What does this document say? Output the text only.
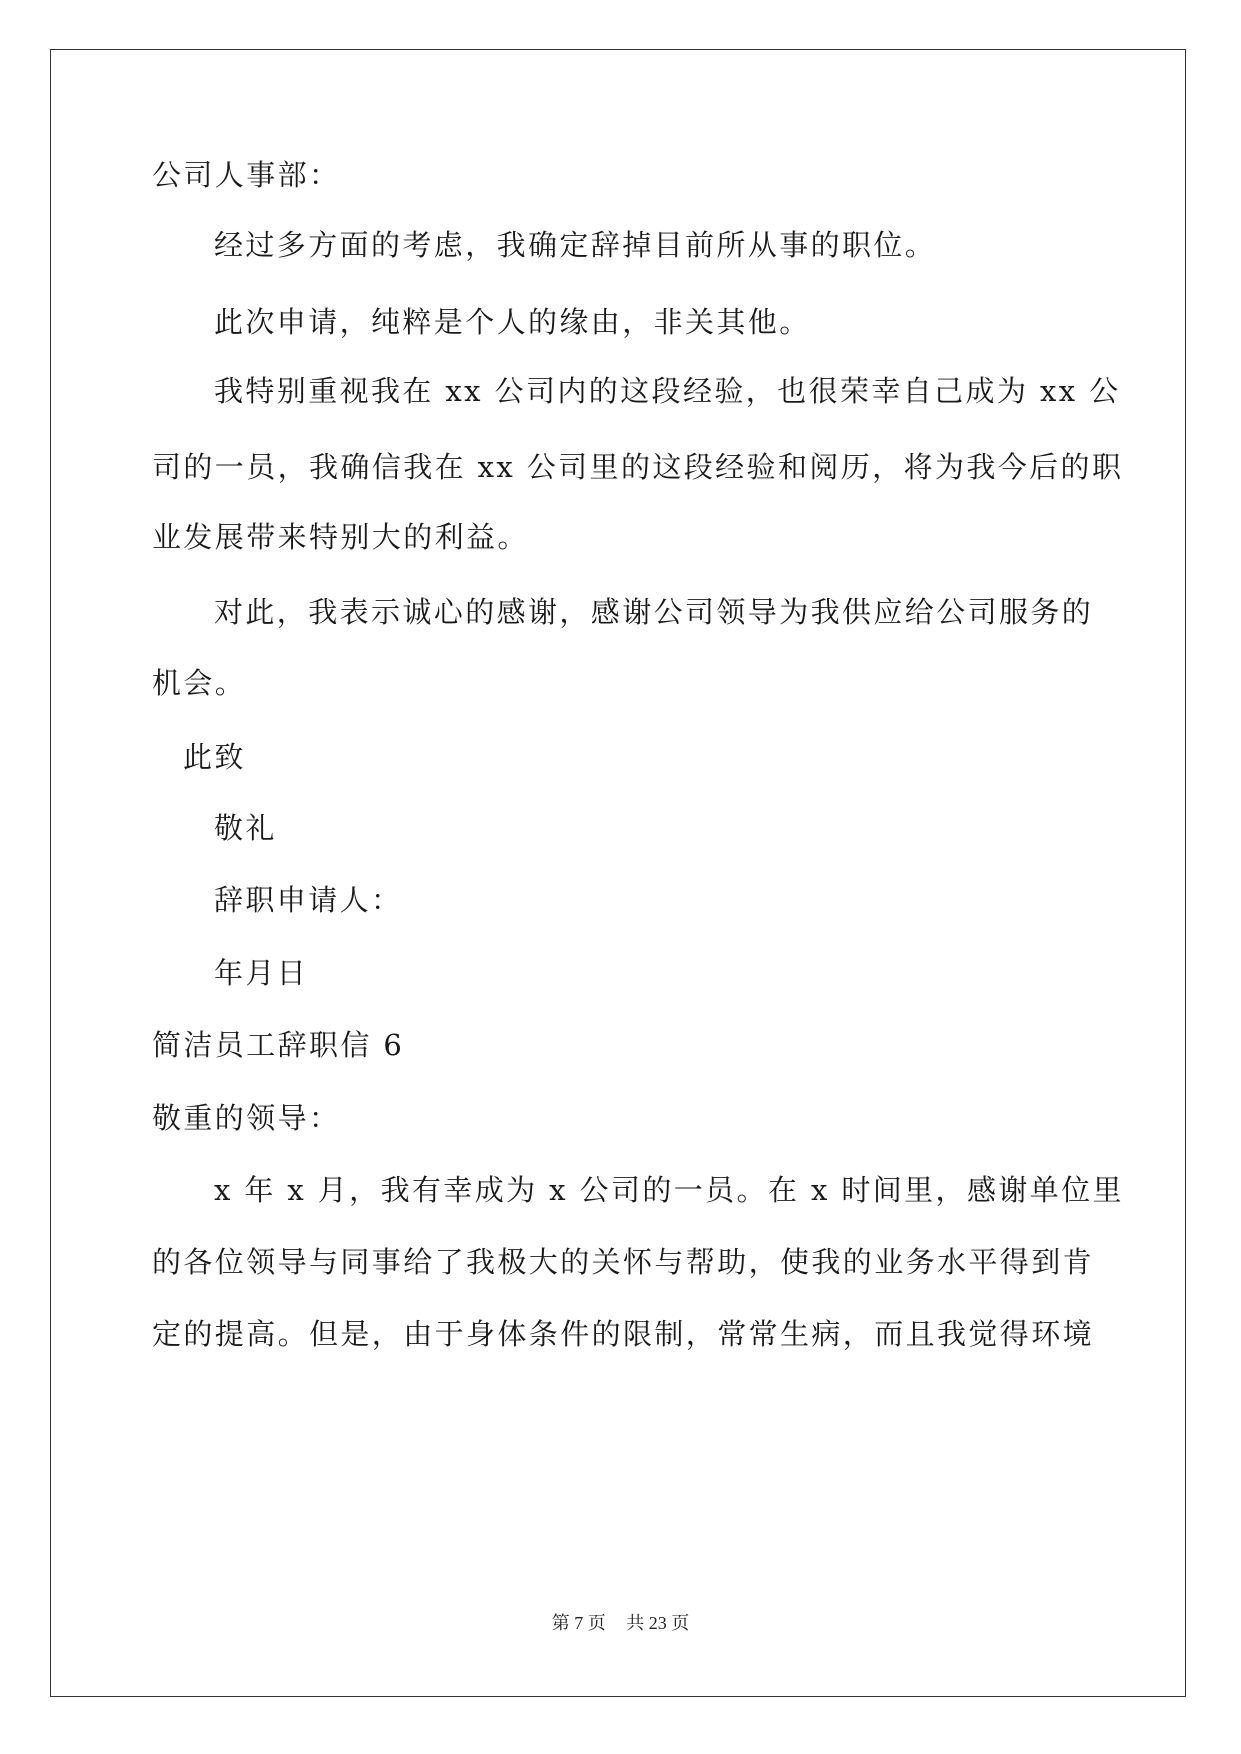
公司人事部：
经过多方面的考虑，我确定辞掉目前所从事的职位。
此次申请，纯粹是个人的缘由，非关其他。
我特别重视我在 xx 公司内的这段经验，也很荣幸自己成为 xx 公
司的一员，我确信我在 xx 公司里的这段经验和阅历，将为我今后的职
业发展带来特别大的利益。
对此，我表示诚心的感谢，感谢公司领导为我供应给公司服务的
机会。
此致
敬礼
辞职申请人：
年月日
简洁员工辞职信 6
敬重的领导：
x 年 x 月，我有幸成为 x 公司的一员。在 x 时间里，感谢单位里
的各位领导与同事给了我极大的关怀与帮助，使我的业务水平得到肯
定的提高。但是，由于身体条件的限制，常常生病，而且我觉得环境
第 7 页 共 23 页
